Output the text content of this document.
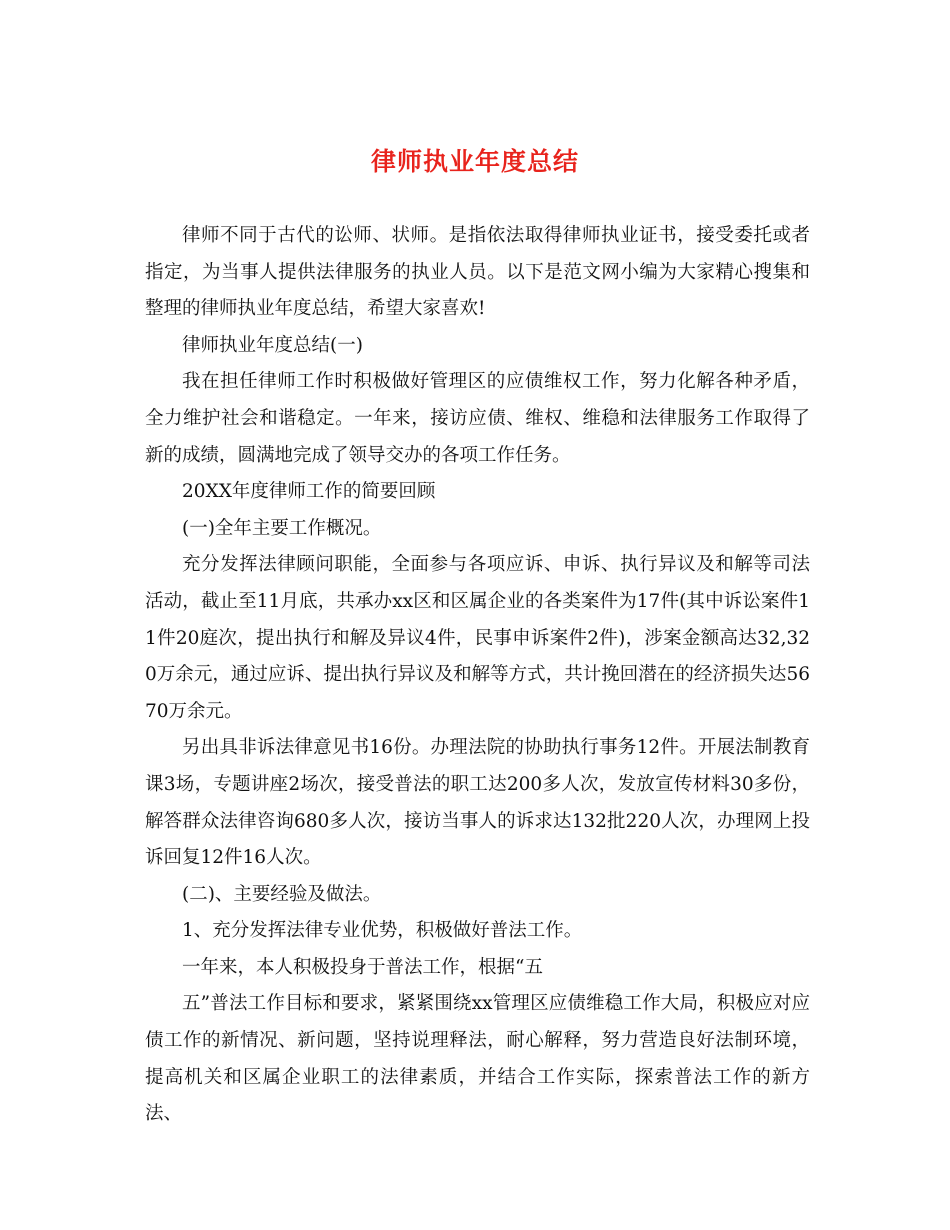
律师执业年度总结

律师不同于古代的讼师、状师。是指依法取得律师执业证书，接受委托或者指定，为当事人提供法律服务的执业人员。以下是范文网小编为大家精心搜集和整理的律师执业年度总结，希望大家喜欢!

律师执业年度总结(一)

我在担任律师工作时积极做好管理区的应债维权工作，努力化解各种矛盾，全力维护社会和谐稳定。一年来，接访应债、维权、维稳和法律服务工作取得了新的成绩，圆满地完成了领导交办的各项工作任务。

20XX年度律师工作的简要回顾

(一)全年主要工作概况。

充分发挥法律顾问职能，全面参与各项应诉、申诉、执行异议及和解等司法活动，截止至11月底，共承办xx区和区属企业的各类案件为17件(其中诉讼案件11件20庭次，提出执行和解及异议4件，民事申诉案件2件)，涉案金额高达32,320万余元，通过应诉、提出执行异议及和解等方式，共计挽回潜在的经济损失达5670万余元。

另出具非诉法律意见书16份。办理法院的协助执行事务12件。开展法制教育课3场，专题讲座2场次，接受普法的职工达200多人次，发放宣传材料30多份，解答群众法律咨询680多人次，接访当事人的诉求达132批220人次，办理网上投诉回复12件16人次。

(二)、主要经验及做法。

1、充分发挥法律专业优势，积极做好普法工作。

一年来，本人积极投身于普法工作，根据“五

五”普法工作目标和要求，紧紧围绕xx管理区应债维稳工作大局，积极应对应债工作的新情况、新问题，坚持说理释法，耐心解释，努力营造良好法制环境，提高机关和区属企业职工的法律素质，并结合工作实际，探索普法工作的新方法、
